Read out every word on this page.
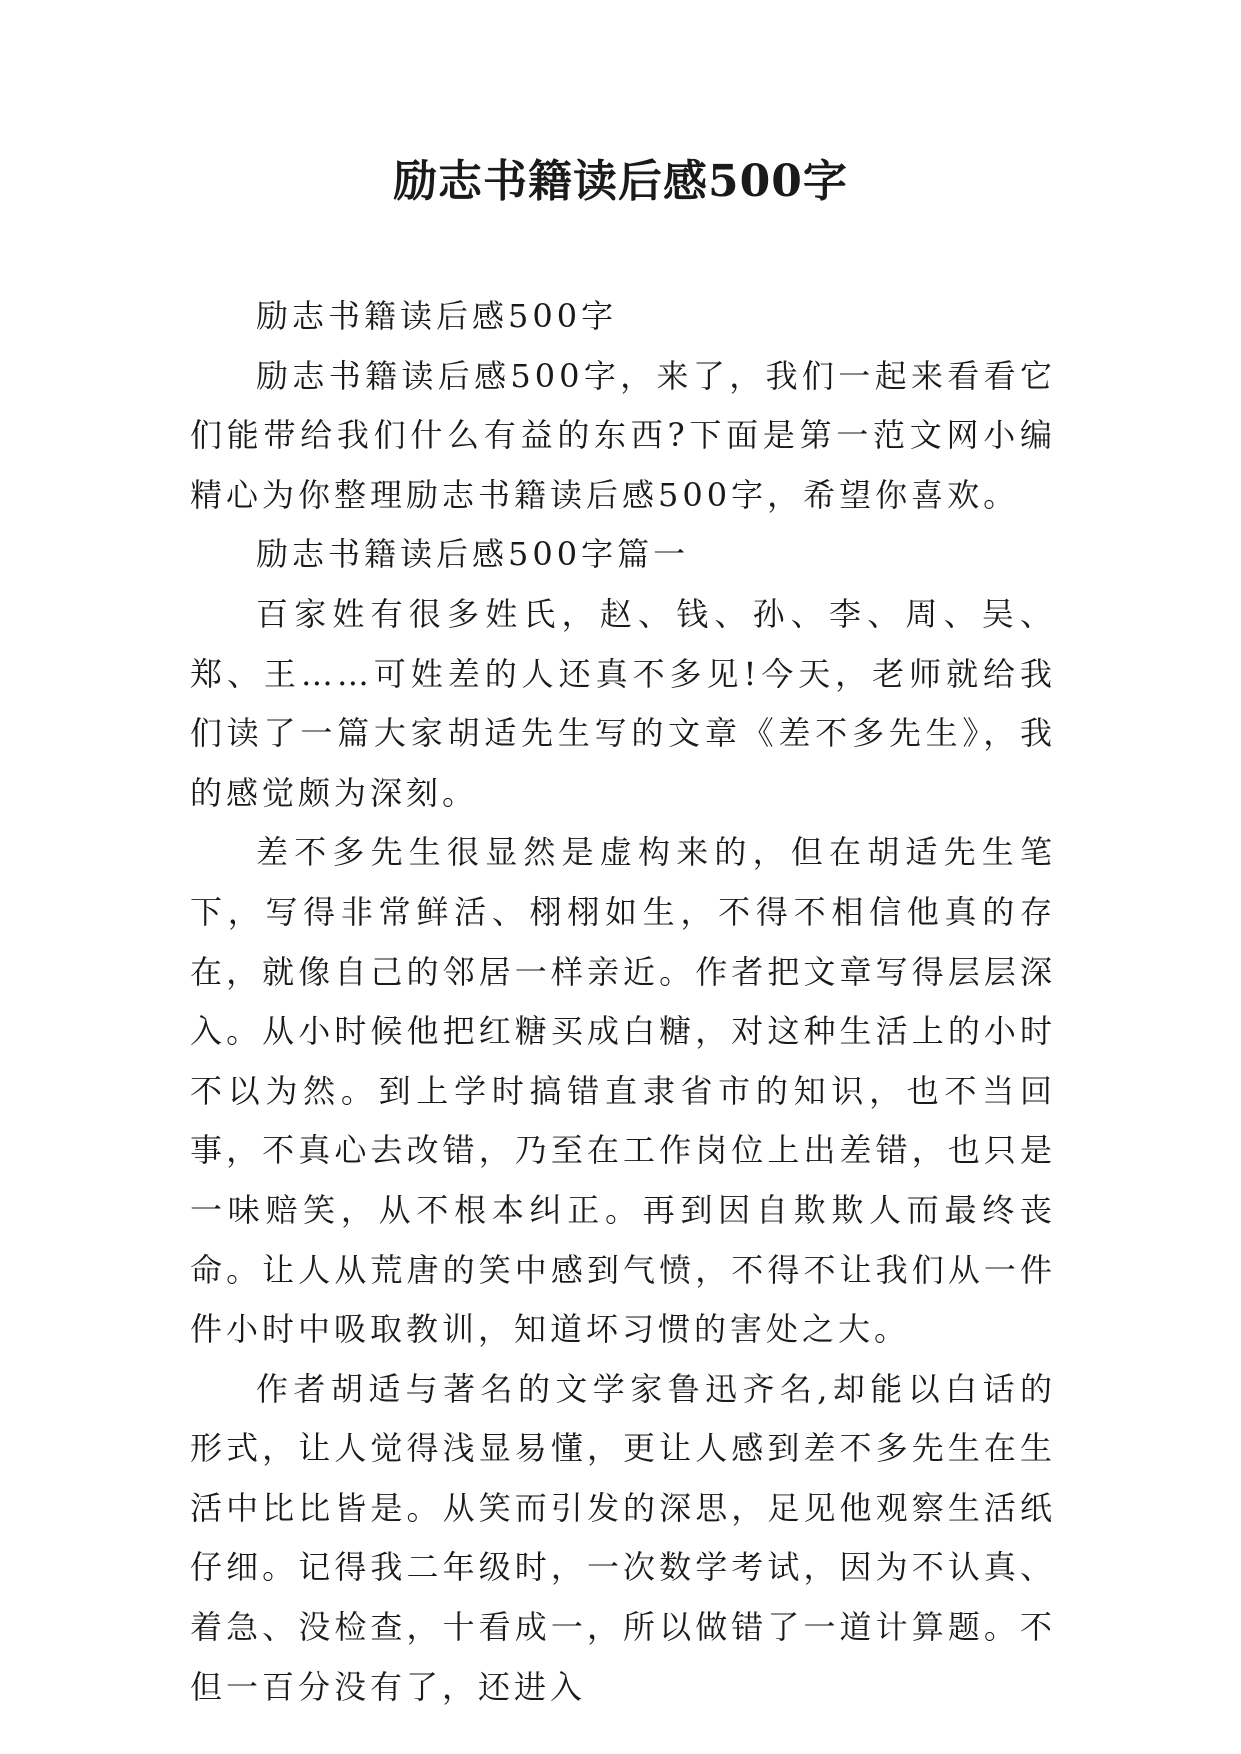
励志书籍读后感500字

励志书籍读后感500字

励志书籍读后感500字，来了，我们一起来看看它们能带给我们什么有益的东西?下面是第一范文网小编精心为你整理励志书籍读后感500字，希望你喜欢。

励志书籍读后感500字篇一

百家姓有很多姓氏，赵、钱、孙、李、周、吴、郑、王……可姓差的人还真不多见!今天，老师就给我们读了一篇大家胡适先生写的文章《差不多先生》，我的感觉颇为深刻。

差不多先生很显然是虚构来的，但在胡适先生笔下，写得非常鲜活、栩栩如生，不得不相信他真的存在，就像自己的邻居一样亲近。作者把文章写得层层深入。从小时候他把红糖买成白糖，对这种生活上的小时不以为然。到上学时搞错直隶省市的知识，也不当回事，不真心去改错，乃至在工作岗位上出差错，也只是一味赔笑，从不根本纠正。再到因自欺欺人而最终丧命。让人从荒唐的笑中感到气愤，不得不让我们从一件件小时中吸取教训，知道坏习惯的害处之大。

作者胡适与著名的文学家鲁迅齐名,却能以白话的形式，让人觉得浅显易懂，更让人感到差不多先生在生活中比比皆是。从笑而引发的深思，足见他观察生活纸仔细。记得我二年级时，一次数学考试，因为不认真、着急、没检查，十看成一，所以做错了一道计算题。不但一百分没有了，还进入
